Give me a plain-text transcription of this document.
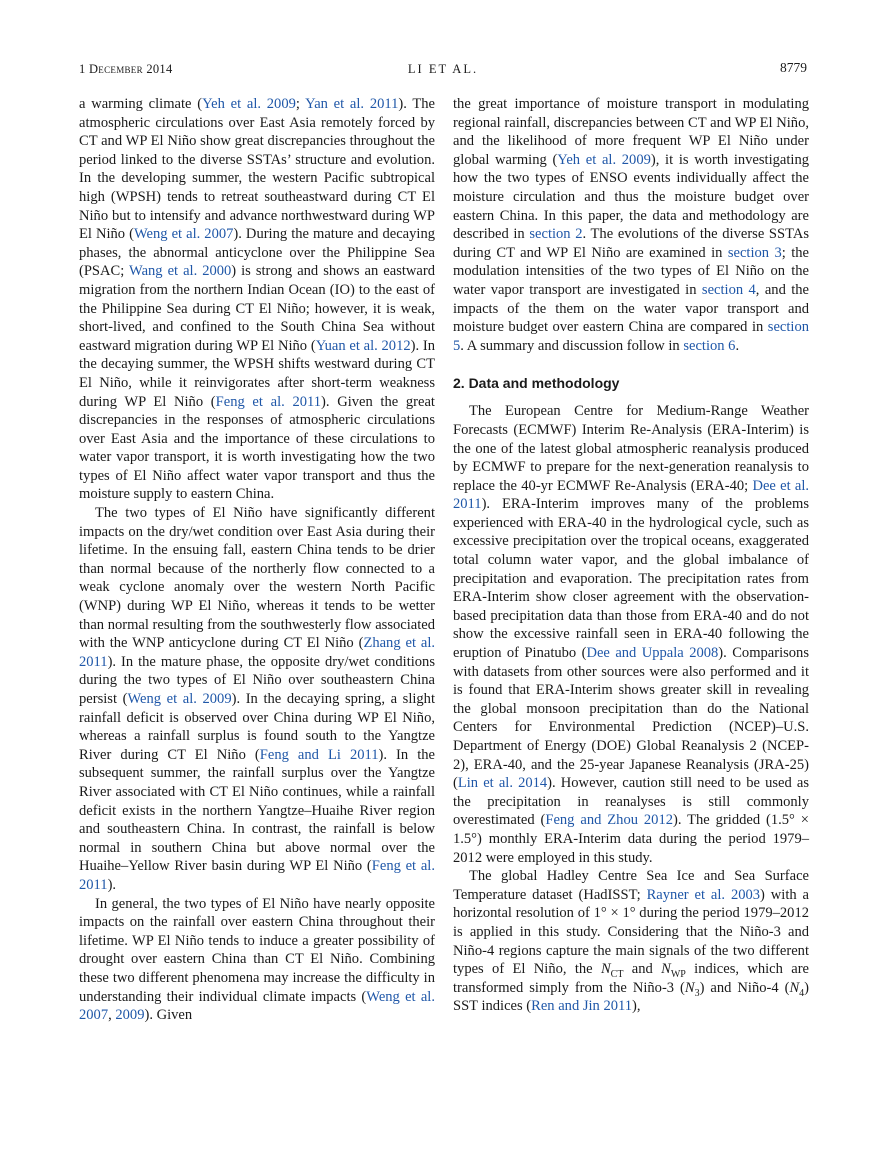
1 December 2014	LI ET AL.	8779

a warming climate (Yeh et al. 2009; Yan et al. 2011). The atmospheric circulations over East Asia remotely forced by CT and WP El Niño show great discrepancies throughout the period linked to the diverse SSTAs’ structure and evolution. In the developing summer, the western Pacific subtropical high (WPSH) tends to retreat southeastward during CT El Niño but to intensify and advance northwestward during WP El Niño (Weng et al. 2007). During the mature and decaying phases, the abnormal anticyclone over the Philippine Sea (PSAC; Wang et al. 2000) is strong and shows an eastward migration from the northern Indian Ocean (IO) to the east of the Philippine Sea during CT El Niño; however, it is weak, short-lived, and confined to the South China Sea without eastward migration during WP El Niño (Yuan et al. 2012). In the decaying summer, the WPSH shifts westward during CT El Niño, while it reinvigorates after short-term weakness during WP El Niño (Feng et al. 2011). Given the great discrepancies in the responses of atmospheric circulations over East Asia and the importance of these circulations to water vapor transport, it is worth investigating how the two types of El Niño affect water vapor transport and thus the moisture supply to eastern China.

The two types of El Niño have significantly different impacts on the dry/wet condition over East Asia during their lifetime. In the ensuing fall, eastern China tends to be drier than normal because of the northerly flow connected to a weak cyclone anomaly over the western North Pacific (WNP) during WP El Niño, whereas it tends to be wetter than normal resulting from the southwesterly flow associated with the WNP anticyclone during CT El Niño (Zhang et al. 2011). In the mature phase, the opposite dry/wet conditions during the two types of El Niño over southeastern China persist (Weng et al. 2009). In the decaying spring, a slight rainfall deficit is observed over China during WP El Niño, whereas a rainfall surplus is found south to the Yangtze River during CT El Niño (Feng and Li 2011). In the subsequent summer, the rainfall surplus over the Yangtze River associated with CT El Niño continues, while a rainfall deficit exists in the northern Yangtze–Huaihe River region and southeastern China. In contrast, the rainfall is below normal in southern China but above normal over the Huaihe–Yellow River basin during WP El Niño (Feng et al. 2011).

In general, the two types of El Niño have nearly opposite impacts on the rainfall over eastern China throughout their lifetime. WP El Niño tends to induce a greater possibility of drought over eastern China than CT El Niño. Combining these two different phenomena may increase the difficulty in understanding their individual climate impacts (Weng et al. 2007, 2009). Given

the great importance of moisture transport in modulating regional rainfall, discrepancies between CT and WP El Niño, and the likelihood of more frequent WP El Niño under global warming (Yeh et al. 2009), it is worth investigating how the two types of ENSO events individually affect the moisture circulation and thus the moisture budget over eastern China. In this paper, the data and methodology are described in section 2. The evolutions of the diverse SSTAs during CT and WP El Niño are examined in section 3; the modulation intensities of the two types of El Niño on the water vapor transport are investigated in section 4, and the impacts of the them on the water vapor transport and moisture budget over eastern China are compared in section 5. A summary and discussion follow in section 6.

2. Data and methodology

The European Centre for Medium-Range Weather Forecasts (ECMWF) Interim Re-Analysis (ERA-Interim) is the one of the latest global atmospheric reanalysis produced by ECMWF to prepare for the next-generation reanalysis to replace the 40-yr ECMWF Re-Analysis (ERA-40; Dee et al. 2011). ERA-Interim improves many of the problems experienced with ERA-40 in the hydrological cycle, such as excessive precipitation over the tropical oceans, exaggerated total column water vapor, and the global imbalance of precipitation and evaporation. The precipitation rates from ERA-Interim show closer agreement with the observation-based precipitation data than those from ERA-40 and do not show the excessive rainfall seen in ERA-40 following the eruption of Pinatubo (Dee and Uppala 2008). Comparisons with datasets from other sources were also performed and it is found that ERA-Interim shows greater skill in revealing the global monsoon precipitation than do the National Centers for Environmental Prediction (NCEP)–U.S. Department of Energy (DOE) Global Reanalysis 2 (NCEP-2), ERA-40, and the 25-year Japanese Reanalysis (JRA-25) (Lin et al. 2014). However, caution still need to be used as the precipitation in reanalyses is still commonly overestimated (Feng and Zhou 2012). The gridded (1.5° × 1.5°) monthly ERA-Interim data during the period 1979–2012 were employed in this study.

The global Hadley Centre Sea Ice and Sea Surface Temperature dataset (HadISST; Rayner et al. 2003) with a horizontal resolution of 1° × 1° during the period 1979–2012 is applied in this study. Considering that the Niño-3 and Niño-4 regions capture the main signals of the two different types of El Niño, the $N_{CT}$ and $N_{WP}$ indices, which are transformed simply from the Niño-3 $(N_3)$ and Niño-4 $(N_4)$ SST indices (Ren and Jin 2011),
